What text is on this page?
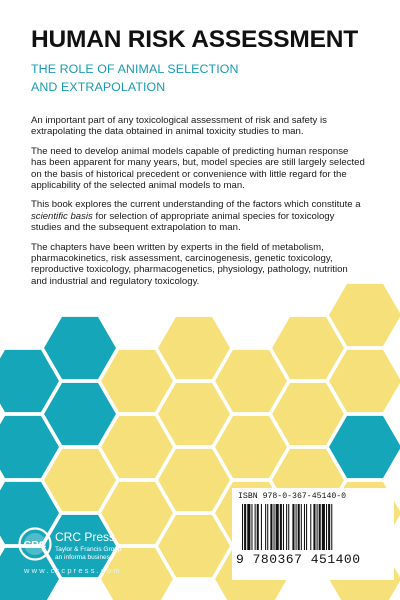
HUMAN RISK ASSESSMENT
THE ROLE OF ANIMAL SELECTION
AND EXTRAPOLATION

An important part of any toxicological assessment of risk and safety is extrapolating the data obtained in animal toxicity studies to man.

The need to develop animal models capable of predicting human response has been apparent for many years, but, model species are still largely selected on the basis of historical precedent or convenience with little regard for the applicability of the selected animal models to man.

This book explores the current understanding of the factors which constitute a scientific basis for selection of appropriate animal species for toxicology studies and the subsequent extrapolation to man.

The chapters have been written by experts in the field of metabolism, pharmacokinetics, risk assessment, carcinogenesis, genetic toxicology, reproductive toxicology, pharmacogenetics, physiology, pathology, nutrition and industrial and regulatory toxicology.

ISBN 978-0-367-45140-0
9 780367 451400
CRC
CRC Press
Taylor & Francis Group
an informa business
www.crcpress.com
